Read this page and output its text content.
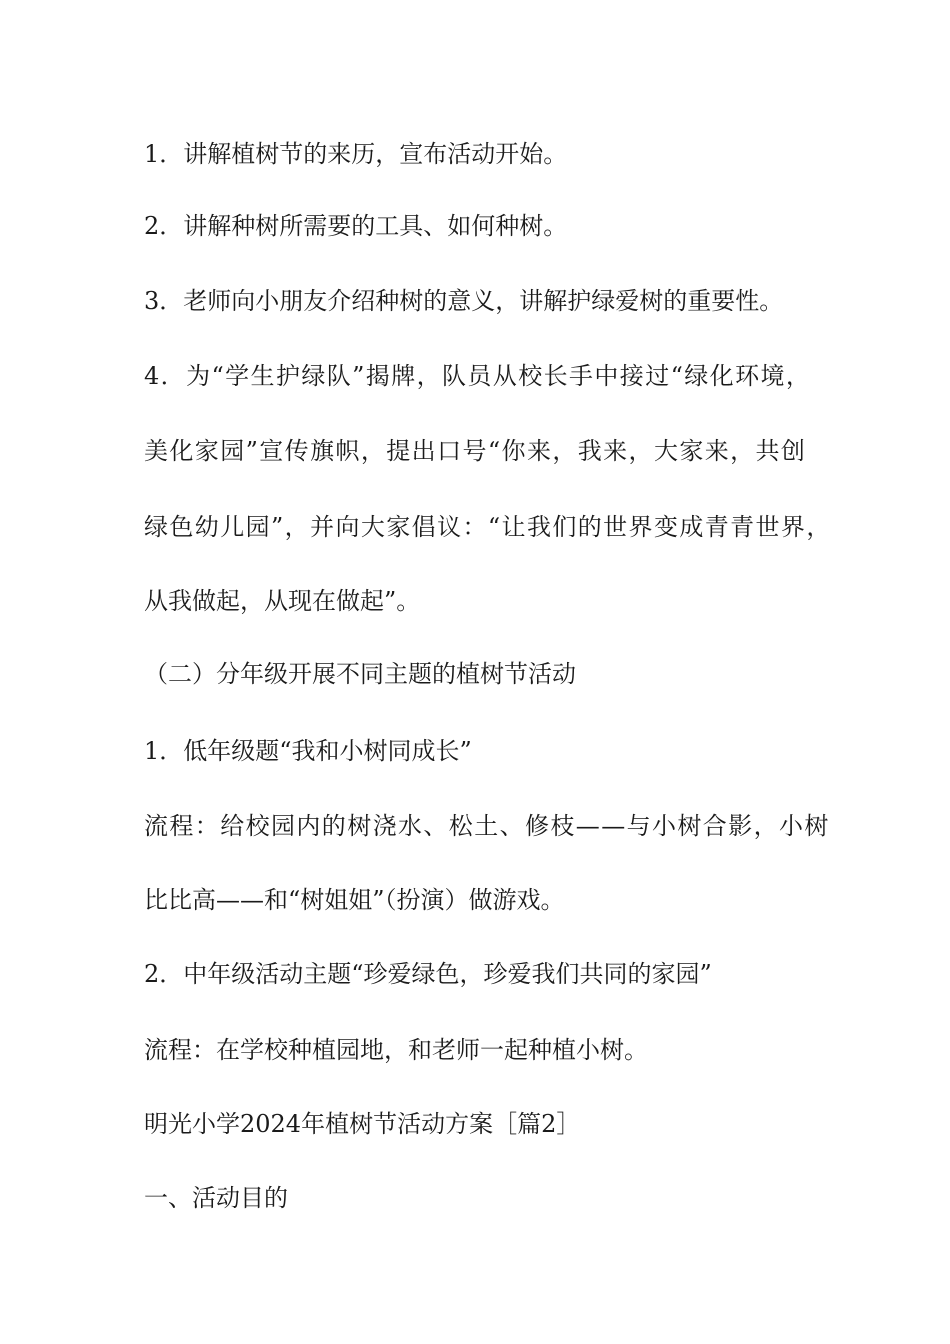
1．讲解植树节的来历，宣布活动开始。
2．讲解种树所需要的工具、如何种树。
3．老师向小朋友介绍种树的意义，讲解护绿爱树的重要性。
4．为“学生护绿队”揭牌，队员从校长手中接过“绿化环境，
美化家园”宣传旗帜，提出口号“你来，我来，大家来，共创
绿色幼儿园”，并向大家倡议：“让我们的世界变成青青世界，
从我做起，从现在做起”。
（二）分年级开展不同主题的植树节活动
1．低年级题“我和小树同成长”
流程：给校园内的树浇水、松土、修枝——与小树合影，小树
比比高——和“树姐姐”（扮演）做游戏。
2．中年级活动主题“珍爱绿色，珍爱我们共同的家园”
流程：在学校种植园地，和老师一起种植小树。
明光小学2024年植树节活动方案［篇2］
一、活动目的
